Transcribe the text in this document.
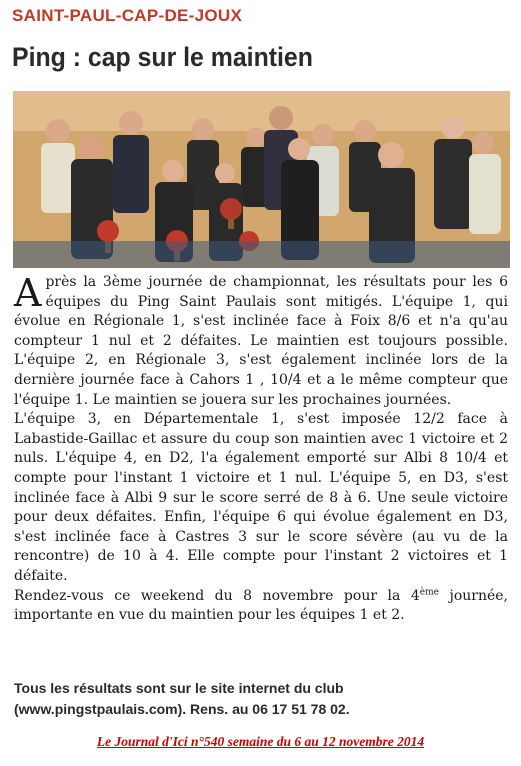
SAINT-PAUL-CAP-DE-JOUX
Ping : cap sur le maintien

Après la 3ème journée de championnat, les résultats pour les 6 équipes du Ping Saint Paulais sont mitigés. L'équipe 1, qui évolue en Régionale 1, s'est inclinée face à Foix 8/6 et n'a qu'au compteur 1 nul et 2 défaites. Le maintien est toujours possible. L'équipe 2, en Régionale 3, s'est également inclinée lors de la dernière journée face à Cahors 1 , 10/4 et a le même compteur que l'équipe 1. Le maintien se jouera sur les prochaines journées.

L'équipe 3, en Départementale 1, s'est imposée 12/2 face à Labastide-Gaillac et assure du coup son maintien avec 1 victoire et 2 nuls. L'équipe 4, en D2, l'a également emporté sur Albi 8 10/4 et compte pour l'instant 1 victoire et 1 nul. L'équipe 5, en D3, s'est inclinée face à Albi 9 sur le score serré de 8 à 6. Une seule victoire pour deux défaites. Enfin, l'équipe 6 qui évolue également en D3, s'est inclinée face à Castres 3 sur le score sévère (au vu de la rencontre) de 10 à 4. Elle compte pour l'instant 2 victoires et 1 défaite.

Rendez-vous ce weekend du 8 novembre pour la 4ème journée, importante en vue du maintien pour les équipes 1 et 2.

Tous les résultats sont sur le site internet du club
(www.pingstpaulais.com). Rens. au 06 17 51 78 02.
Le Journal d'Ici n°540 semaine du 6 au 12 novembre 2014
